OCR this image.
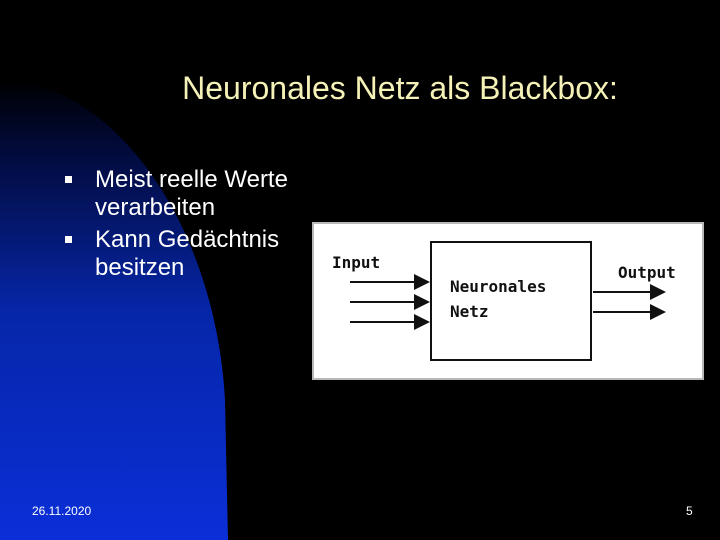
Neuronales Netz als Blackbox:
Meist reelle Werte verarbeiten
Kann Gedächtnis besitzen	Input
Neuronales
Netz
Output
26.11.2020	5
